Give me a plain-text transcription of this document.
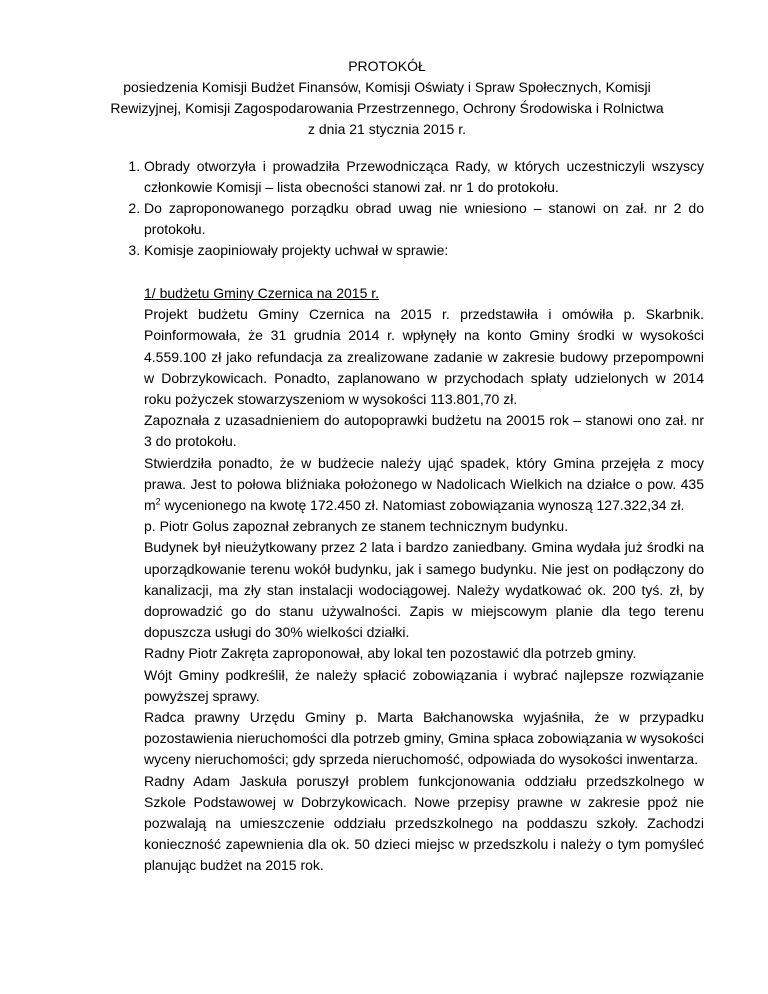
PROTOKÓŁ
posiedzenia Komisji Budżet Finansów, Komisji Oświaty i Spraw Społecznych, Komisji
Rewizyjnej, Komisji Zagospodarowania Przestrzennego, Ochrony Środowiska i Rolnictwa
z dnia 21 stycznia 2015 r.
1. Obrady otworzyła i prowadziła Przewodnicząca Rady, w których uczestniczyli wszyscy członkowie Komisji – lista obecności stanowi zał. nr 1 do protokołu.
2. Do zaproponowanego porządku obrad uwag nie wniesiono – stanowi on zał. nr 2 do protokołu.
3. Komisje zaopiniowały projekty uchwał w sprawie:

1/ budżetu Gminy Czernica na 2015 r.

Projekt budżetu Gminy Czernica na 2015 r. przedstawiła i omówiła p. Skarbnik. Poinformowała, że 31 grudnia 2014 r. wpłynęły na konto Gminy środki w wysokości 4.559.100 zł jako refundacja za zrealizowane zadanie w zakresie budowy przepompowni w Dobrzykowicach. Ponadto, zaplanowano w przychodach spłaty udzielonych w 2014 roku pożyczek stowarzyszeniom w wysokości 113.801,70 zł.

Zapoznała z uzasadnieniem do autopoprawki budżetu na 20015 rok – stanowi ono zał. nr 3 do protokołu.

Stwierdziła ponadto, że w budżecie należy ująć spadek, który Gmina przejęła z mocy prawa. Jest to połowa bliźniaka położonego w Nadolicach Wielkich na działce o pow. 435 $m^2$ wycenionego na kwotę 172.450 zł. Natomiast zobowiązania wynoszą 127.322,34 zł.

p. Piotr Golus zapoznał zebranych ze stanem technicznym budynku.

Budynek był nieużytkowany przez 2 lata i bardzo zaniedbany. Gmina wydała już środki na uporządkowanie terenu wokół budynku, jak i samego budynku. Nie jest on podłączony do kanalizacji, ma zły stan instalacji wodociągowej. Należy wydatkować ok. 200 tyś. zł, by doprowadzić go do stanu używalności. Zapis w miejscowym planie dla tego terenu dopuszcza usługi do 30% wielkości działki.

Radny Piotr Zakręta zaproponował, aby lokal ten pozostawić dla potrzeb gminy.

Wójt Gminy podkreślił, że należy spłacić zobowiązania i wybrać najlepsze rozwiązanie powyższej sprawy.

Radca prawny Urzędu Gminy p. Marta Bałchanowska wyjaśniła, że w przypadku pozostawienia nieruchomości dla potrzeb gminy, Gmina spłaca zobowiązania w wysokości wyceny nieruchomości; gdy sprzeda nieruchomość, odpowiada do wysokości inwentarza.

Radny Adam Jaskuła poruszył problem funkcjonowania oddziału przedszkolnego w Szkole Podstawowej w Dobrzykowicach. Nowe przepisy prawne w zakresie ppoż nie pozwalają na umieszczenie oddziału przedszkolnego na poddaszu szkoły. Zachodzi konieczność zapewnienia dla ok. 50 dzieci miejsc w przedszkolu i należy o tym pomyśleć planując budżet na 2015 rok.
